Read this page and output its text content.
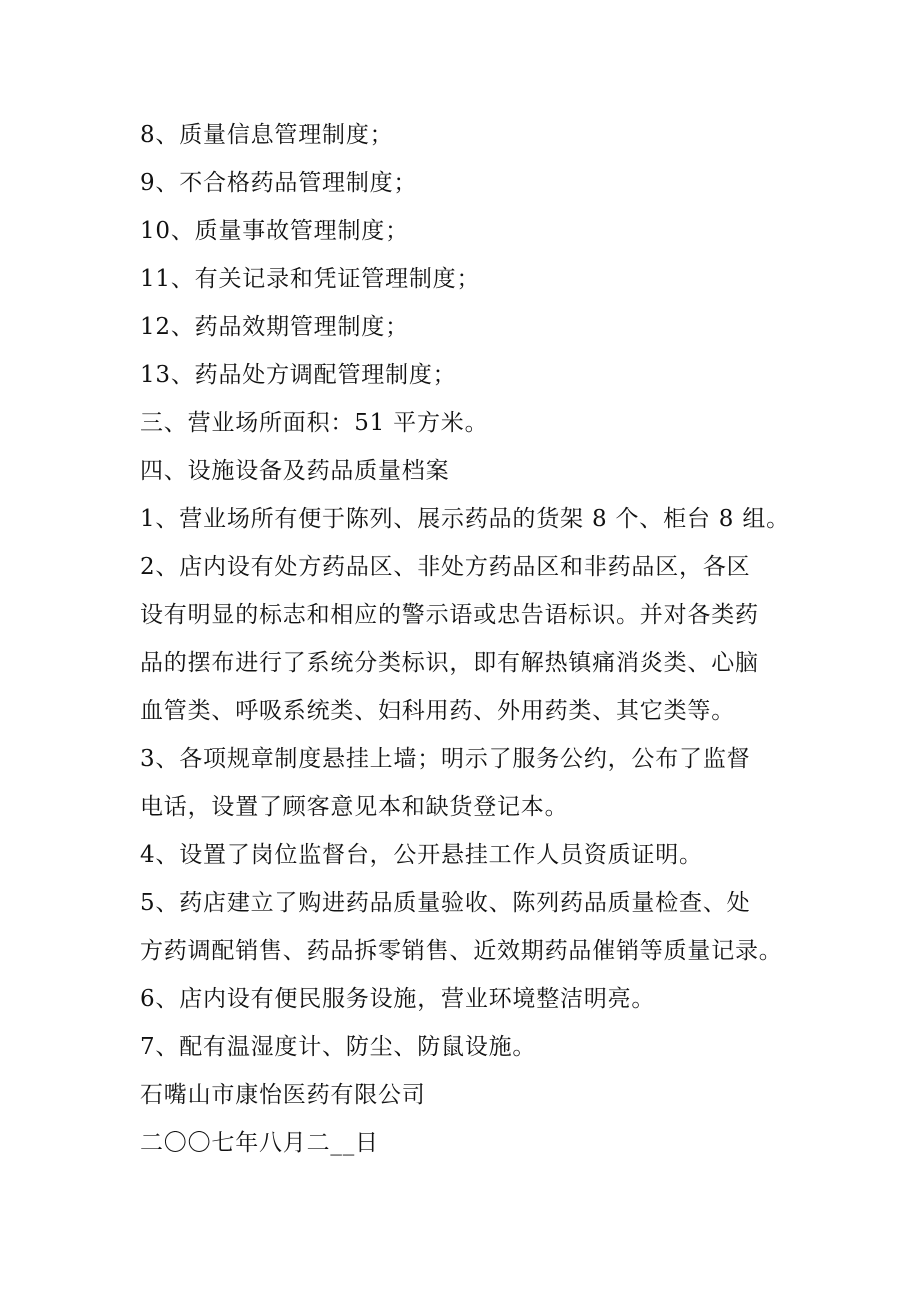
8、质量信息管理制度；
9、不合格药品管理制度；
10、质量事故管理制度；
11、有关记录和凭证管理制度；
12、药品效期管理制度；
13、药品处方调配管理制度；
三、营业场所面积：51 平方米。
四、设施设备及药品质量档案
1、营业场所有便于陈列、展示药品的货架 8 个、柜台 8 组。
2、店内设有处方药品区、非处方药品区和非药品区，各区
设有明显的标志和相应的警示语或忠告语标识。并对各类药
品的摆布进行了系统分类标识，即有解热镇痛消炎类、心脑
血管类、呼吸系统类、妇科用药、外用药类、其它类等。
3、各项规章制度悬挂上墙；明示了服务公约，公布了监督
电话，设置了顾客意见本和缺货登记本。
4、设置了岗位监督台，公开悬挂工作人员资质证明。
5、药店建立了购进药品质量验收、陈列药品质量检查、处
方药调配销售、药品拆零销售、近效期药品催销等质量记录。
6、店内设有便民服务设施，营业环境整洁明亮。
7、配有温湿度计、防尘、防鼠设施。
石嘴山市康怡医药有限公司
二〇〇七年八月二__日
